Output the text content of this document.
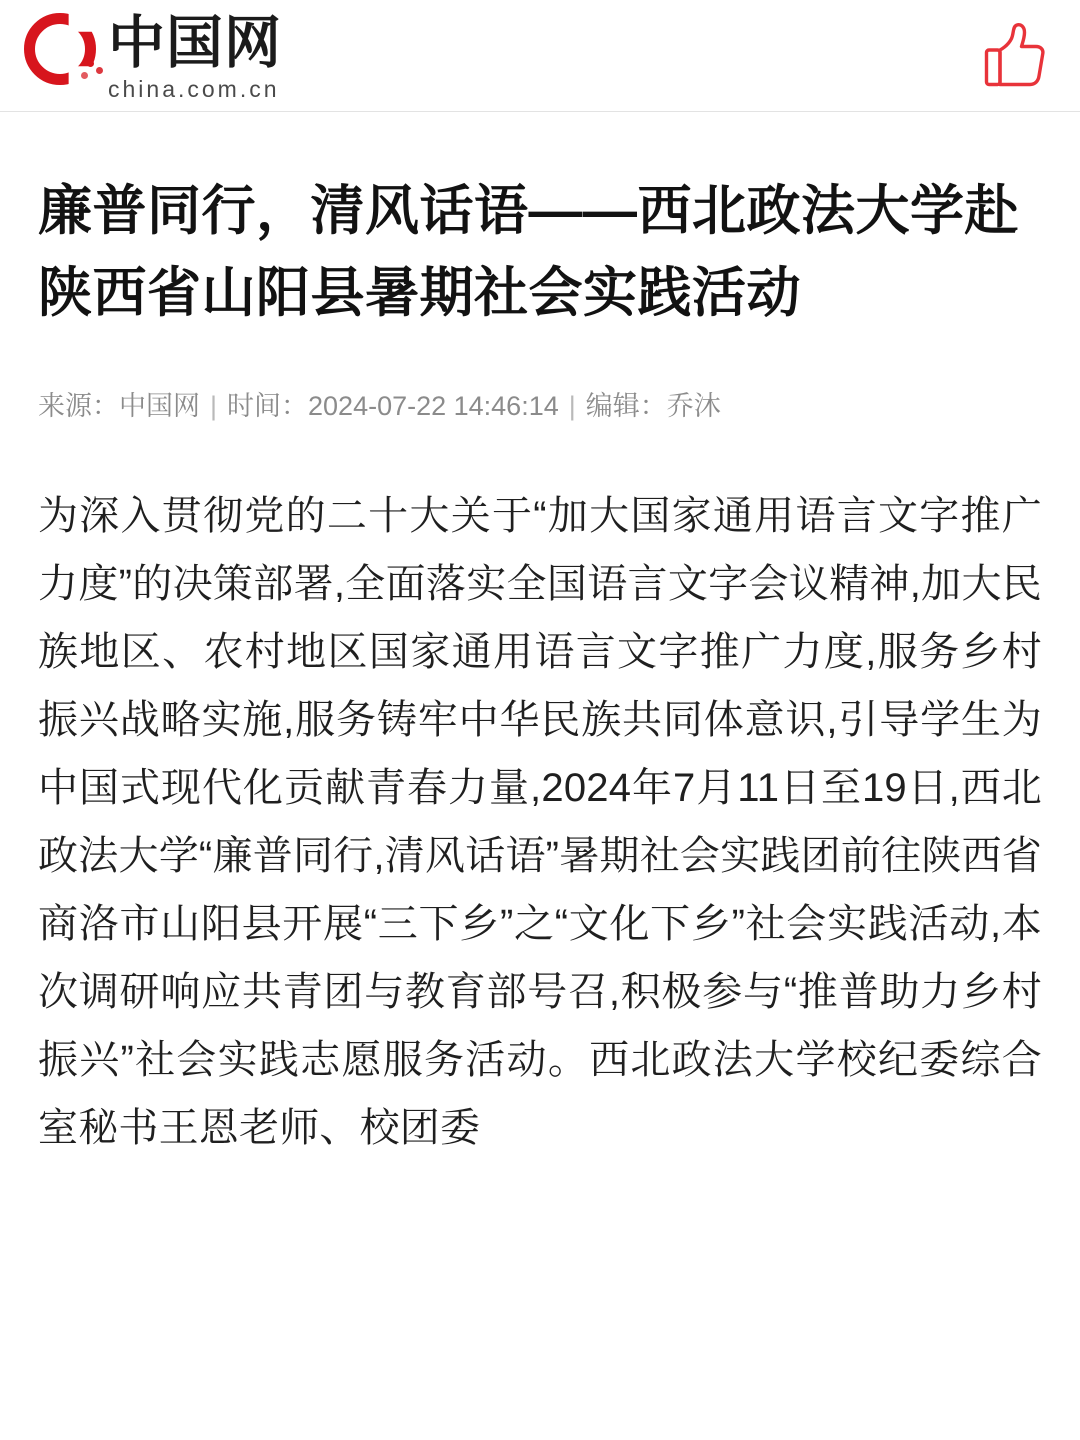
中国网
china.com.cn
廉普同行，清风话语——西北政法大学赴陕西省山阳县暑期社会实践活动
来源：中国网 | 时间：2024-07-22 14:46:14 | 编辑：乔沐

为深入贯彻党的二十大关于“加大国家通用语言文字推广力度”的决策部署,全面落实全国语言文字会议精神,加大民族地区、农村地区国家通用语言文字推广力度,服务乡村振兴战略实施,服务铸牢中华民族共同体意识,引导学生为中国式现代化贡献青春力量,2024年7月11日至19日,西北政法大学“廉普同行,清风话语”暑期社会实践团前往陕西省商洛市山阳县开展“三下乡”之“文化下乡”社会实践活动,本次调研响应共青团与教育部号召,积极参与“推普助力乡村振兴”社会实践志愿服务活动。西北政法大学校纪委综合室秘书王恩老师、校团委
